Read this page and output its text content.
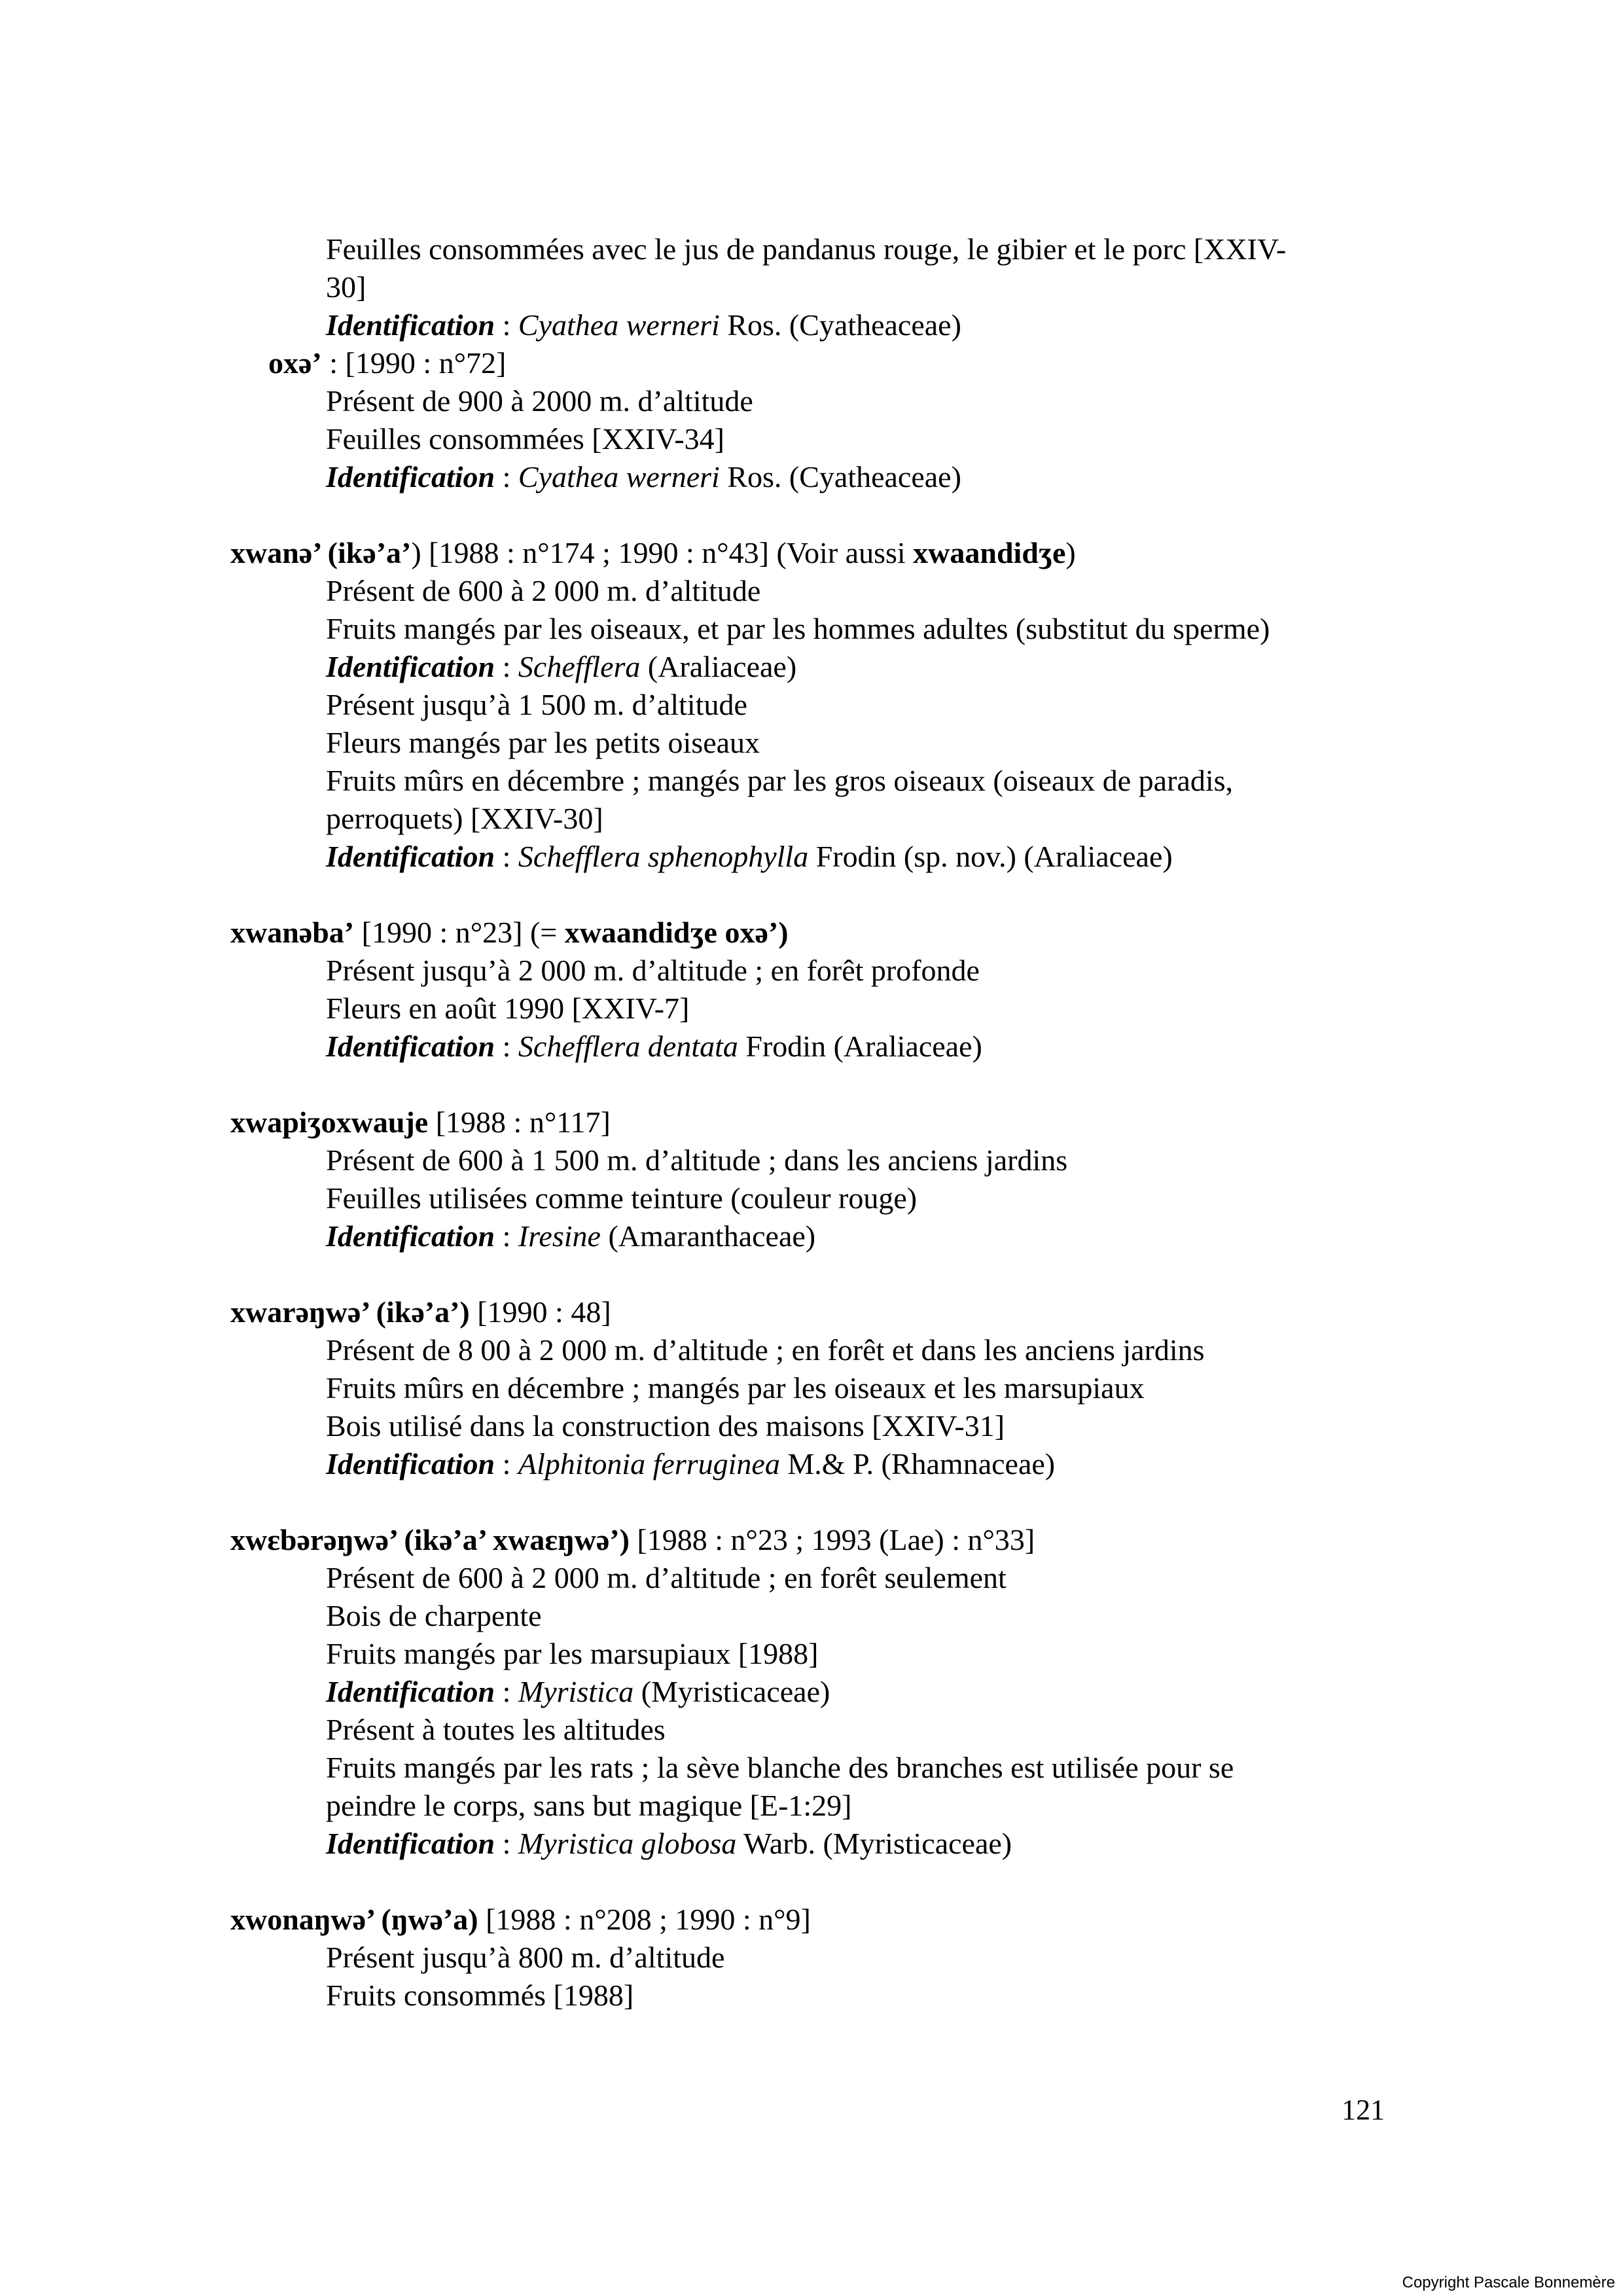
Feuilles consommées avec le jus de pandanus rouge, le gibier et le porc [XXIV-
30]
Identification : Cyathea werneri Ros. (Cyatheaceae)
oxə’ : [1990 : n°72]
Présent de 900 à 2000 m. d’altitude
Feuilles consommées [XXIV-34]
Identification : Cyathea werneri Ros. (Cyatheaceae)
xwanə’ (ikə’a’) [1988 : n°174 ; 1990 : n°43] (Voir aussi xwaandidʒe)
Présent de 600 à 2 000 m. d’altitude
Fruits mangés par les oiseaux, et par les hommes adultes (substitut du sperme)
Identification : Schefflera (Araliaceae)
Présent jusqu’à 1 500 m. d’altitude
Fleurs mangés par les petits oiseaux
Fruits mûrs en décembre ; mangés par les gros oiseaux (oiseaux de paradis,
perroquets) [XXIV-30]
Identification : Schefflera sphenophylla Frodin (sp. nov.) (Araliaceae)
xwanəba’ [1990 : n°23] (= xwaandidʒe oxə’)
Présent jusqu’à 2 000 m. d’altitude ; en forêt profonde
Fleurs en août 1990 [XXIV-7]
Identification : Schefflera dentata Frodin (Araliaceae)
xwapiʒoxwauje [1988 : n°117]
Présent de 600 à 1 500 m. d’altitude ; dans les anciens jardins
Feuilles utilisées comme teinture (couleur rouge)
Identification : Iresine (Amaranthaceae)
xwarəŋwə’ (ikə’a’) [1990 : 48]
Présent de 8 00 à 2 000 m. d’altitude ; en forêt et dans les anciens jardins
Fruits mûrs en décembre ; mangés par les oiseaux et les marsupiaux
Bois utilisé dans la construction des maisons [XXIV-31]
Identification : Alphitonia ferruginea M.& P. (Rhamnaceae)
xwɛbərəŋwə’ (ikə’a’ xwaɛŋwə’) [1988 : n°23 ; 1993 (Lae) : n°33]
Présent de 600 à 2 000 m. d’altitude ; en forêt seulement
Bois de charpente
Fruits mangés par les marsupiaux [1988]
Identification : Myristica (Myristicaceae)
Présent à toutes les altitudes
Fruits mangés par les rats ; la sève blanche des branches est utilisée pour se
peindre le corps, sans but magique [E-1:29]
Identification : Myristica globosa Warb. (Myristicaceae)
xwonaŋwə’ (ŋwə’a) [1988 : n°208 ; 1990 : n°9]
Présent jusqu’à 800 m. d’altitude
Fruits consommés [1988]
121
Copyright Pascale Bonnemère
